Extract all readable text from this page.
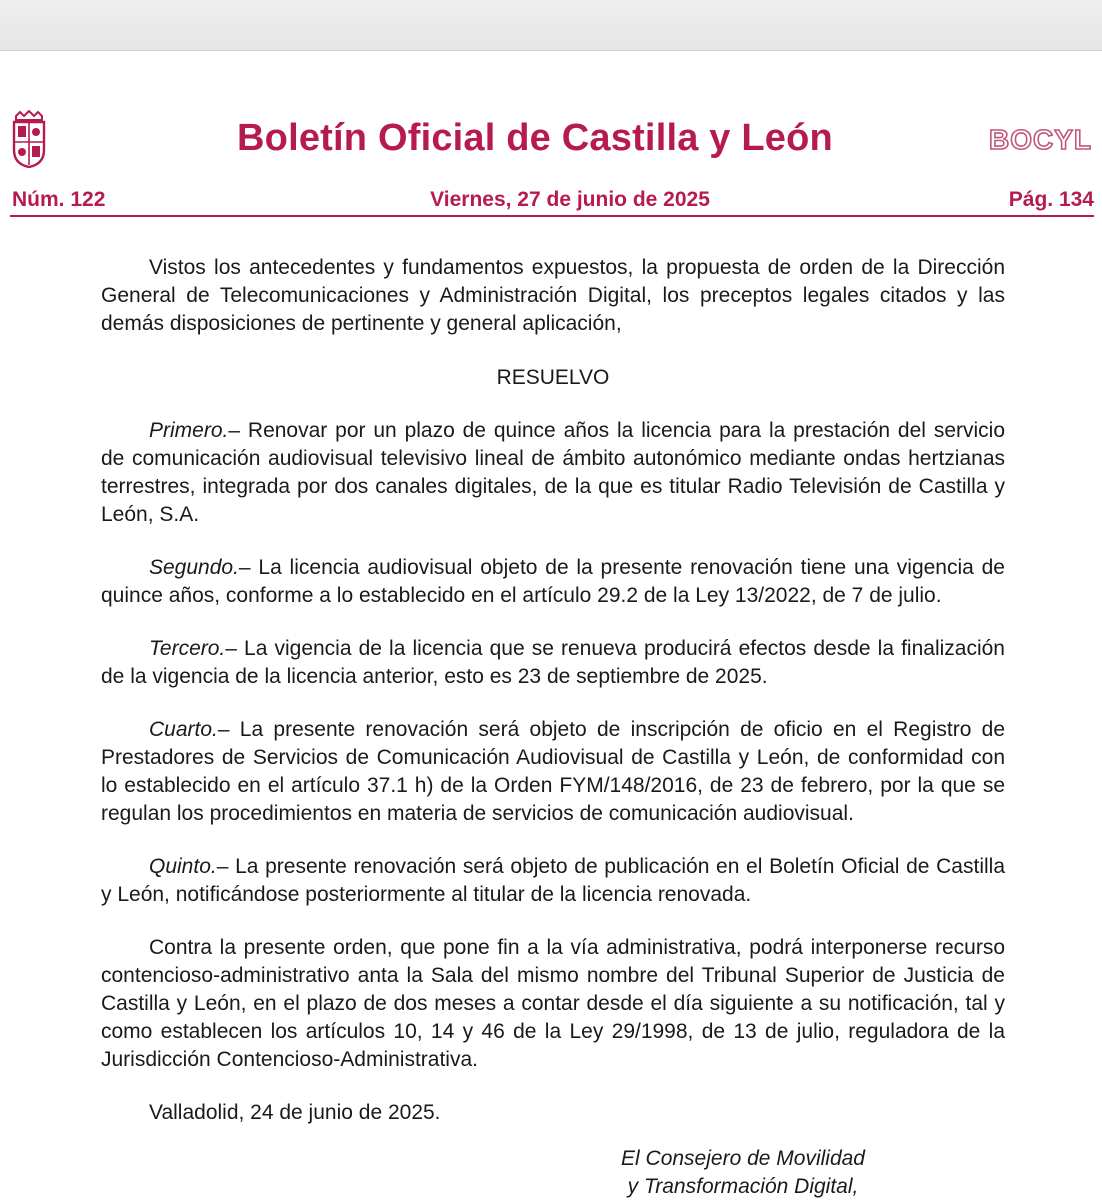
Boletín Oficial de Castilla y León	BOCYL
Núm. 122	Viernes, 27 de junio de 2025	Pág. 134

Vistos los antecedentes y fundamentos expuestos, la propuesta de orden de la Dirección General de Telecomunicaciones y Administración Digital, los preceptos legales citados y las demás disposiciones de pertinente y general aplicación,

RESUELVO

Primero.– Renovar por un plazo de quince años la licencia para la prestación del servicio de comunicación audiovisual televisivo lineal de ámbito autonómico mediante ondas hertzianas terrestres, integrada por dos canales digitales, de la que es titular Radio Televisión de Castilla y León, S.A.

Segundo.– La licencia audiovisual objeto de la presente renovación tiene una vigencia de quince años, conforme a lo establecido en el artículo 29.2 de la Ley 13/2022, de 7 de julio.

Tercero.– La vigencia de la licencia que se renueva producirá efectos desde la finalización de la vigencia de la licencia anterior, esto es 23 de septiembre de 2025.

Cuarto.– La presente renovación será objeto de inscripción de oficio en el Registro de Prestadores de Servicios de Comunicación Audiovisual de Castilla y León, de conformidad con lo establecido en el artículo 37.1 h) de la Orden FYM/148/2016, de 23 de febrero, por la que se regulan los procedimientos en materia de servicios de comunicación audiovisual.

Quinto.– La presente renovación será objeto de publicación en el Boletín Oficial de Castilla y León, notificándose posteriormente al titular de la licencia renovada.

Contra la presente orden, que pone fin a la vía administrativa, podrá interponerse recurso contencioso-administrativo anta la Sala del mismo nombre del Tribunal Superior de Justicia de Castilla y León, en el plazo de dos meses a contar desde el día siguiente a su notificación, tal y como establecen los artículos 10, 14 y 46 de la Ley 29/1998, de 13 de julio, reguladora de la Jurisdicción Contencioso-Administrativa.

Valladolid, 24 de junio de 2025.

El Consejero de Movilidad

y Transformación Digital,
